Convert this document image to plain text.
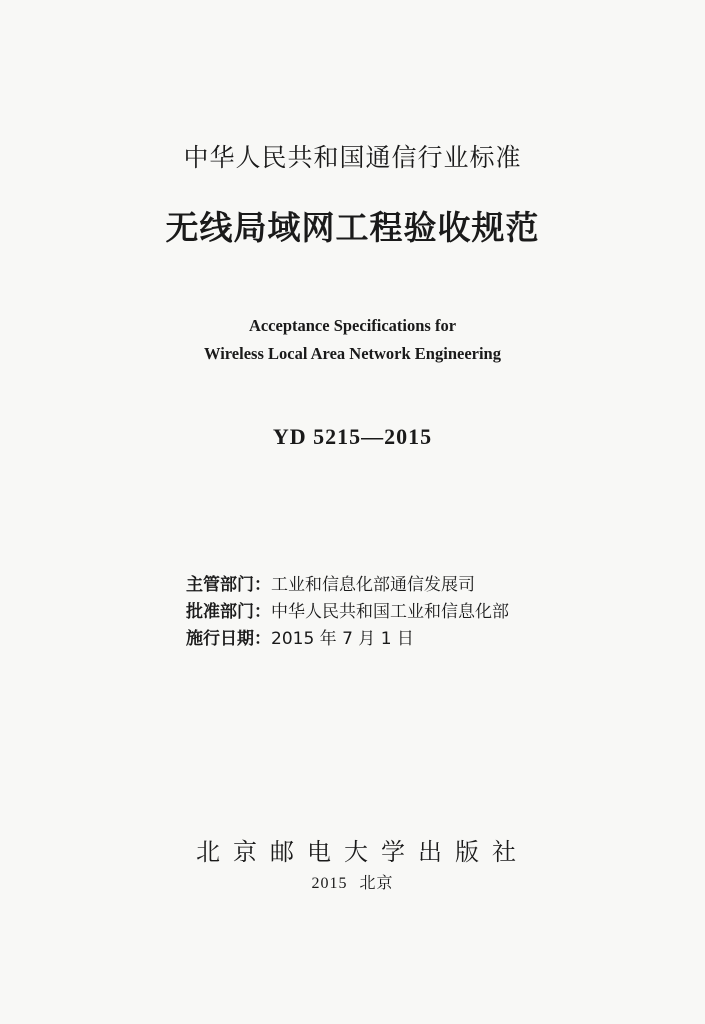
中华人民共和国通信行业标准
无线局域网工程验收规范
Acceptance Specifications for
Wireless Local Area Network Engineering
YD 5215—2015
主管部门：工业和信息化部通信发展司
批准部门：中华人民共和国工业和信息化部
施行日期：2015 年 7 月 1 日
北京邮电大学出版社
2015 北京
